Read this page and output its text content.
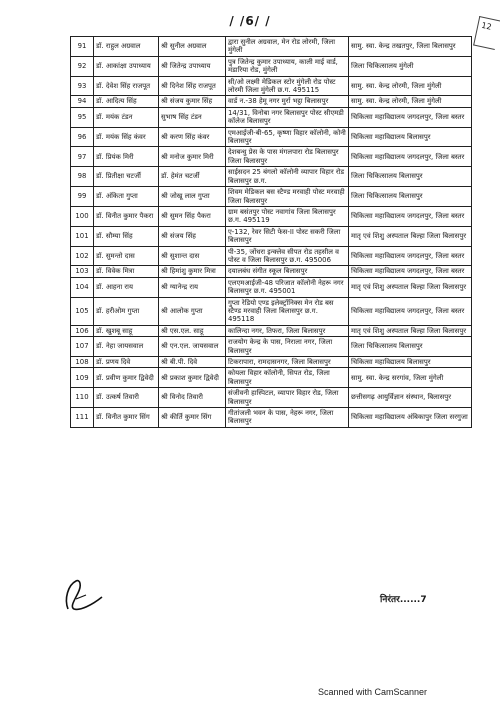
/ /6/ /	12
91	डॉ. राहुल अग्रवाल	श्री सुनील अग्रवाल	द्वारा सुनील अग्रवाल, मेन रोड लोरमी, जिला मुंगेली	सामु. स्वा. केन्द्र तखतपुर, जिला बिलासपुर
92	डॉ. आकांक्षा उपाध्याय	श्री जितेन्द्र उपाध्याय	पुत्र जितेन्द्र कुमार उपाध्याय, काली माई वार्ड, मंडारिया रोड, मुंगेली	जिला चिकित्सालय मुंगेली
93	डॉ. देवेश सिंह राजपूत	श्री दिनेश सिंह राजपूत	सी/ओ लक्ष्मी मेडिकल स्टोर मुंगेली रोड पोस्ट लोरमी जिला मुंगेली छ.ग. 495115	सामु. स्वा. केन्द्र लोरमी, जिला मुंगेली
94	डॉ. आदित्य सिंह	श्री संजय कुमार सिंह	वार्ड न.-38 हेमू नगर मुर्रा भट्ठा बिलासपुर	सामु. स्वा. केन्द्र लोरमी, जिला मुंगेली
95	डॉ. मयंक टंडन	सुभाष सिंह टंडन	14/31, विनोबा नगर बिलासपुर पोस्ट सीएमडी कॉलेज बिलासपुर	चिकित्सा महाविद्यालय जगदलपुर, जिला बस्तर
96	डॉ. मयंक सिंह कंवर	श्री करण सिंह कंवर	एमआईजी-बी-65, कृष्णा विहार कॉलोनी, कोनी बिलासपुर	चिकित्सा महाविद्यालय बिलासपुर
97	डॉ. प्रियंक मिरी	श्री मनोज कुमार मिरी	देशबन्धु प्रेस के पास मंगलपारा रोड बिलासपुर जिला बिलासपुर	चिकित्सा महाविद्यालय जगदलपुर, जिला बस्तर
98	डॉ. प्रितीक्षा चटर्जी	डॉ. हेमंत चटर्जी	साईसदन 25 बंगलो कॉलोनी व्यापार विहार रोड बिलासपुर छ.ग.	जिला चिकित्सालय बिलासपुर
99	डॉ. अंकिता गुप्ता	श्री जोखू लाल गुप्ता	शिवम मेडिकल बस स्टैण्ड मरवाही पोस्ट मरवाही जिला बिलासपुर	जिला चिकित्सालय बिलासपुर
100	डॉ. विनीत कुमार पैकरा	श्री सुमन सिंह पैकरा	ग्राम बसंतपुर पोस्ट नवागांव जिला बिलासपुर छ.ग. 495119	चिकित्सा महाविद्यालय जगदलपुर, जिला बस्तर
101	डॉ. सौम्या सिंह	श्री संजय सिंह	ए-132, रेवर सिटी फेस-II पोस्ट सकरी जिला बिलासपुर	मातृ एवं शिशु अस्पताल बिल्हा जिला बिलासपुर
102	डॉ. सुमन्तो दास	श्री सुशान्त दास	पी-35, जोंधरा इन्क्लेव सीपत रोड तहसील व पोस्ट व जिला बिलासपुर छ.ग. 495006	चिकित्सा महाविद्यालय जगदलपुर, जिला बस्तर
103	डॉ. विवेक मित्रा	श्री हिमांशु कुमार मित्रा	दयालबंध संगीत स्कूल बिलासपुर	चिकित्सा महाविद्यालय जगदलपुर, जिला बस्तर
104	डॉ. आहना राय	श्री ग्यानेन्द्र राय	एलएमआईजी-48 परिजात कॉलोनी नेहरू नगर बिलासपुर छ.ग. 495001	मातृ एवं शिशु अस्पताल बिल्हा जिला बिलासपुर
105	डॉ. हरीओम गुप्ता	श्री आलोक गुप्ता	गुप्ता रेडियो एण्ड इलेक्ट्रॉनिक्स मेन रोड बस स्टैण्ड मरवाही जिला बिलासपुर छ.ग. 495118	चिकित्सा महाविद्यालय जगदलपुर, जिला बस्तर
106	डॉ. खुशबू साहू	श्री एस.एल. साहू	कालिन्दा नगर, तिफरा, जिला बिलासपुर	मातृ एवं शिशु अस्पताल बिल्हा जिला बिलासपुर
107	डॉ. नेहा जायसवाल	श्री एन.एल. जायसवाल	राजयोग केन्द्र के पास, निराला नगर, जिला बिलासपुर	जिला चिकित्सालय बिलासपुर
108	डॉ. प्रणय दिवे	श्री बी.पी. दिवे	टिकरापारा, रामदासनगर, जिला बिलासपुर	चिकित्सा महाविद्यालय बिलासपुर
109	डॉ. प्रवीण कुमार द्विवेदी	श्री प्रकाश कुमार द्विवेदी	कोयला विहार कॉलोनी, सिपत रोड, जिला बिलासपुर	सामु. स्वा. केन्द्र सरगांव, जिला मुंगेली
110	डॉ. उत्कर्ष तिवारी	श्री विनोद तिवारी	संजीवनी हास्पिटल, व्यापार विहार रोड, जिला बिलासपुर	छत्तीसगढ़ आयुर्विज्ञान संस्थान, बिलासपुर
111	डॉ. विनीत कुमार सिंग	श्री कीर्ति कुमार सिंग	गीतांजली भवन के पास, नेहरू नगर, जिला बिलासपुर	चिकित्सा महाविद्यालय अंबिकापुर जिला सरगुजा
निरंतर......7
Scanned with CamScanner
